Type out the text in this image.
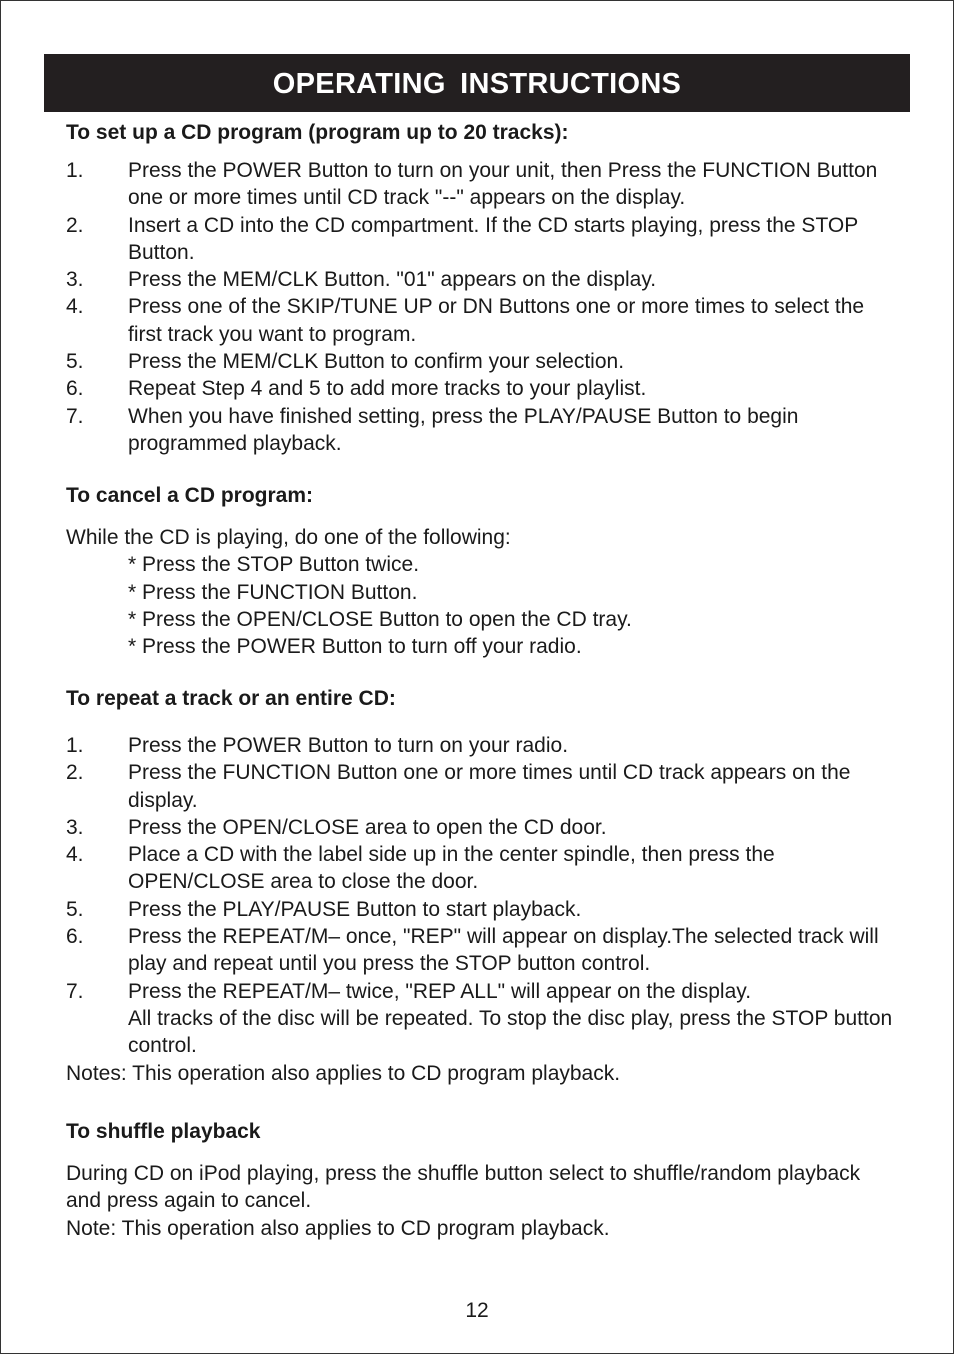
OPERATING INSTRUCTIONS
To set up a CD program (program up to 20 tracks):
1.	Press the POWER Button to turn on your unit, then Press the FUNCTION Button one or more times until CD track "--" appears on the display.
2.	Insert a CD into the CD compartment. If the CD starts playing, press the STOP Button.
3.	Press the MEM/CLK Button. "01" appears on the display.
4.	Press one of the SKIP/TUNE UP or DN Buttons one or more times to select the first track you want to program.
5.	Press the MEM/CLK Button to confirm your selection.
6.	Repeat Step 4 and 5 to add more tracks to your playlist.
7.	When you have finished setting, press the PLAY/PAUSE Button to begin programmed playback.
To cancel a CD program:
While the CD is playing, do one of the following:
* Press the STOP Button twice.
* Press the FUNCTION Button.
* Press the OPEN/CLOSE Button to open the CD tray.
* Press the POWER Button to turn off your radio.
To repeat a track or an entire CD:
1.	Press the POWER Button to turn on your radio.
2.	Press the FUNCTION Button one or more times until CD track appears on the display.
3.	Press the OPEN/CLOSE area to open the CD door.
4.	Place a CD with the label side up in the center spindle, then press the OPEN/CLOSE area to close the door.
5.	Press the PLAY/PAUSE Button to start playback.
6.	Press the REPEAT/M– once, "REP" will appear on display.The selected track will play and repeat until you press the STOP button control.
7.	Press the REPEAT/M– twice, "REP ALL" will appear on the display.
All tracks of the disc will be repeated. To stop the disc play, press the STOP button control.
Notes: This operation also applies to CD program playback.
To shuffle playback
During CD on iPod playing, press the shuffle button select to shuffle/random playback and press again to cancel.
Note: This operation also applies to CD program playback.
12
